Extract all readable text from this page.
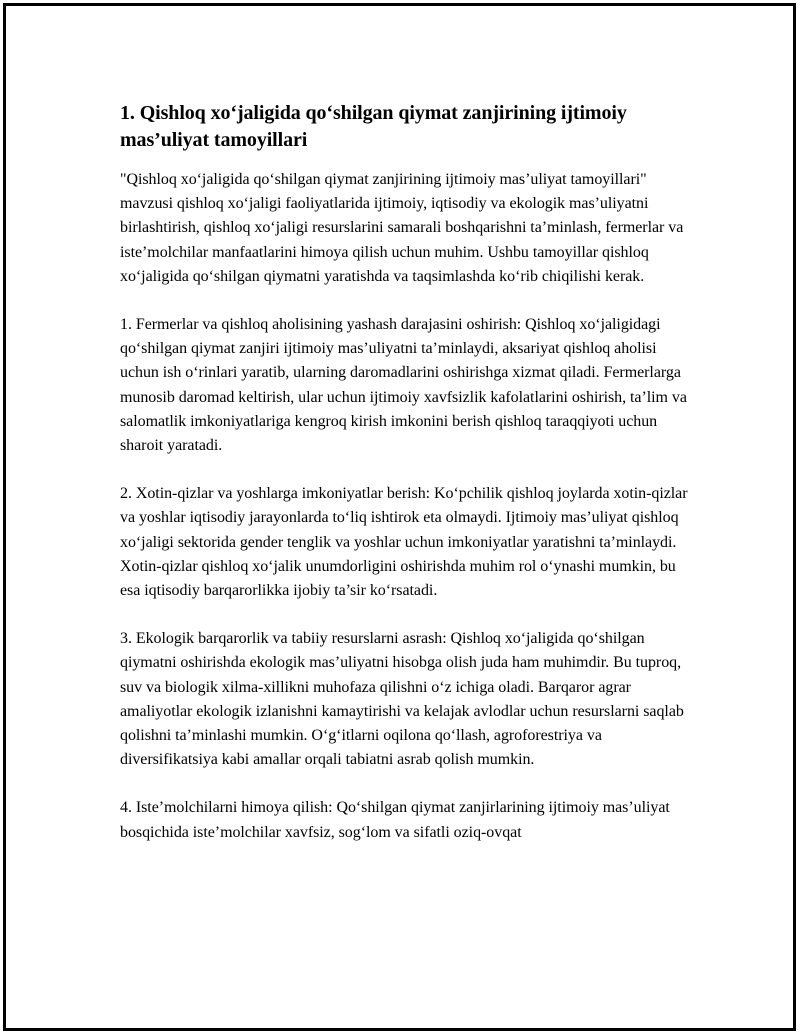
1. Qishloq xo‘jaligida qo‘shilgan qiymat zanjirining ijtimoiy mas’uliyat tamoyillari

"Qishloq xo‘jaligida qo‘shilgan qiymat zanjirining ijtimoiy mas’uliyat tamoyillari" mavzusi qishloq xo‘jaligi faoliyatlarida ijtimoiy, iqtisodiy va ekologik mas’uliyatni birlashtirish, qishloq xo‘jaligi resurslarini samarali boshqarishni ta’minlash, fermerlar va iste’molchilar manfaatlarini himoya qilish uchun muhim. Ushbu tamoyillar qishloq xo‘jaligida qo‘shilgan qiymatni yaratishda va taqsimlashda ko‘rib chiqilishi kerak.

1. Fermerlar va qishloq aholisining yashash darajasini oshirish: Qishloq xo‘jaligidagi qo‘shilgan qiymat zanjiri ijtimoiy mas’uliyatni ta’minlaydi, aksariyat qishloq aholisi uchun ish o‘rinlari yaratib, ularning daromadlarini oshirishga xizmat qiladi. Fermerlarga munosib daromad keltirish, ular uchun ijtimoiy xavfsizlik kafolatlarini oshirish, ta’lim va salomatlik imkoniyatlariga kengroq kirish imkonini berish qishloq taraqqiyoti uchun sharoit yaratadi.

2. Xotin-qizlar va yoshlarga imkoniyatlar berish: Ko‘pchilik qishloq joylarda xotin-qizlar va yoshlar iqtisodiy jarayonlarda to‘liq ishtirok eta olmaydi. Ijtimoiy mas’uliyat qishloq xo‘jaligi sektorida gender tenglik va yoshlar uchun imkoniyatlar yaratishni ta’minlaydi. Xotin-qizlar qishloq xo‘jalik unumdorligini oshirishda muhim rol o‘ynashi mumkin, bu esa iqtisodiy barqarorlikka ijobiy ta’sir ko‘rsatadi.

3. Ekologik barqarorlik va tabiiy resurslarni asrash: Qishloq xo‘jaligida qo‘shilgan qiymatni oshirishda ekologik mas’uliyatni hisobga olish juda ham muhimdir. Bu tuproq, suv va biologik xilma-xillikni muhofaza qilishni o‘z ichiga oladi. Barqaror agrar amaliyotlar ekologik izlanishni kamaytirishi va kelajak avlodlar uchun resurslarni saqlab qolishni ta’minlashi mumkin. O‘g‘itlarni oqilona qo‘llash, agroforestriya va diversifikatsiya kabi amallar orqali tabiatni asrab qolish mumkin.

4. Iste’molchilarni himoya qilish: Qo‘shilgan qiymat zanjirlarining ijtimoiy mas’uliyat bosqichida iste’molchilar xavfsiz, sog‘lom va sifatli oziq-ovqat
